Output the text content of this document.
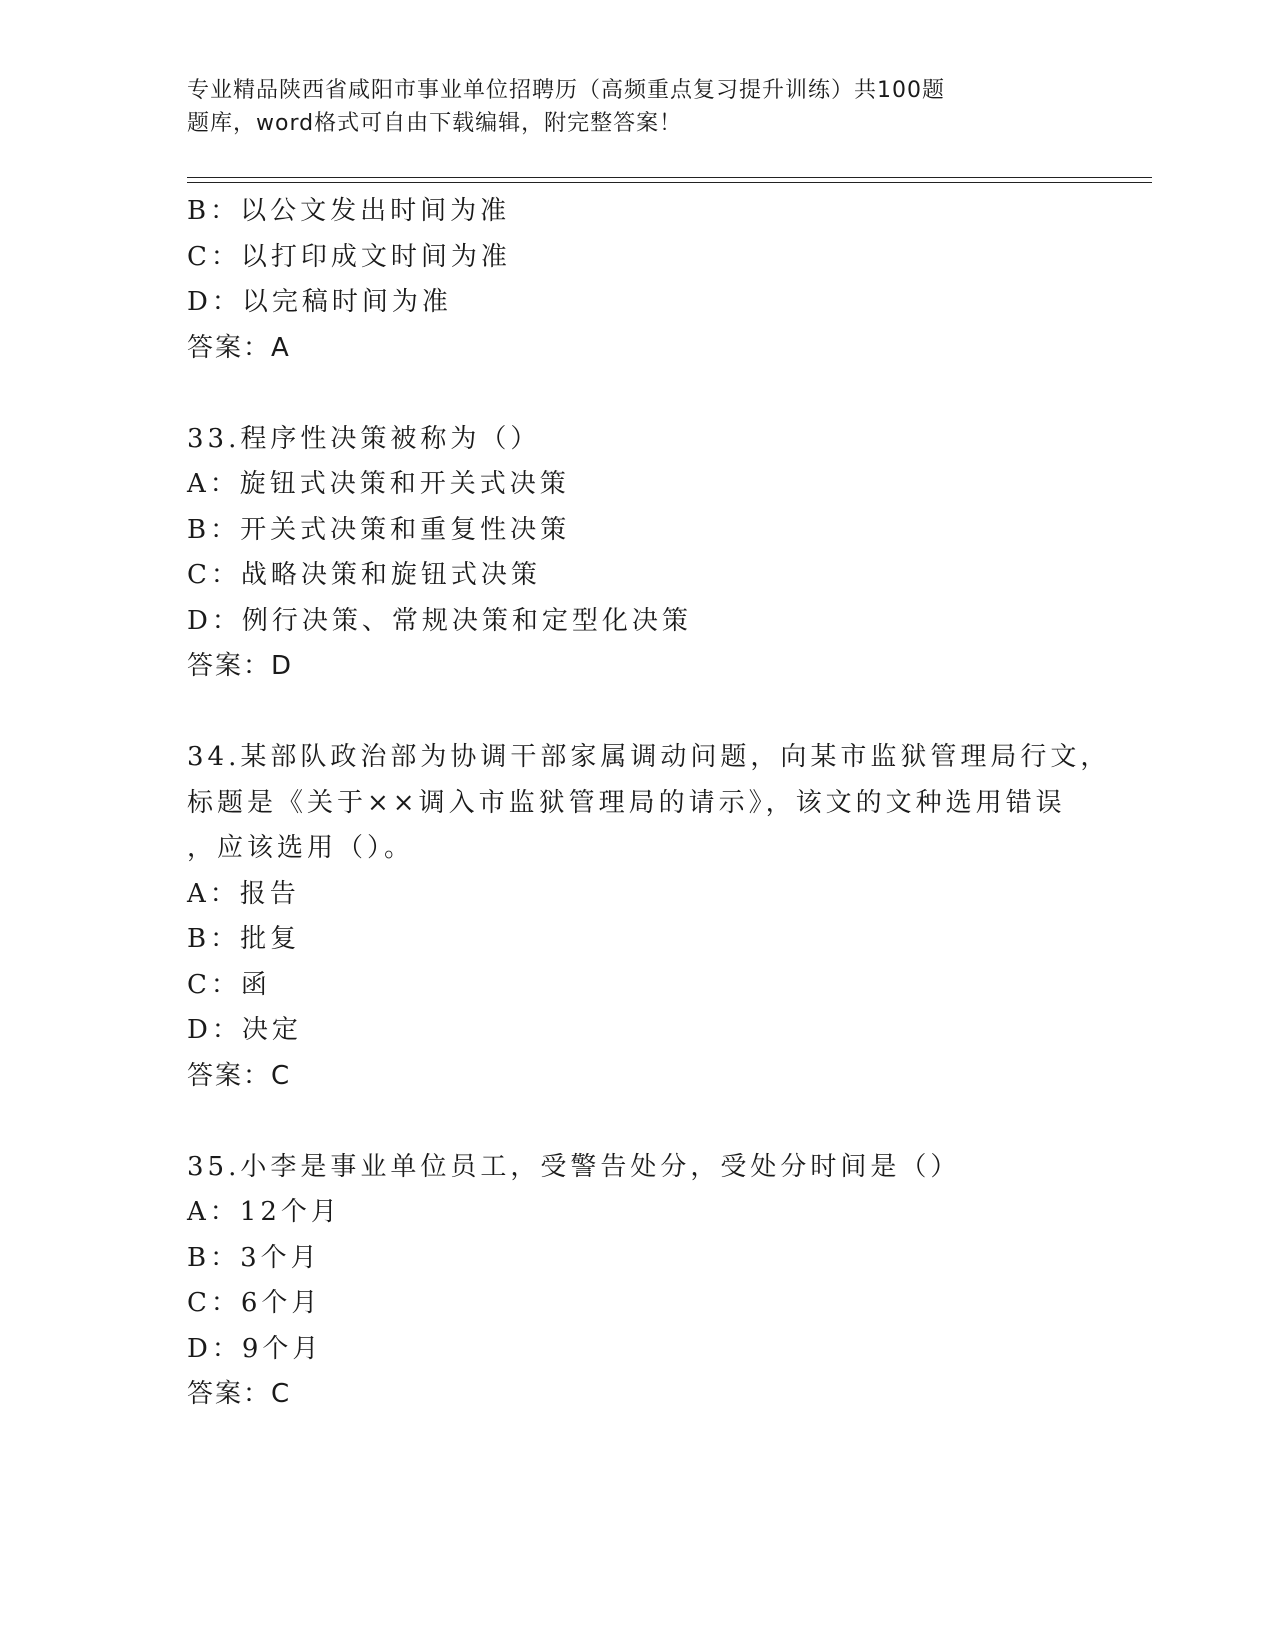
专业精品陕西省咸阳市事业单位招聘历（高频重点复习提升训练）共100题
题库，word格式可自由下载编辑，附完整答案！
B：以公文发出时间为准
C：以打印成文时间为准
D：以完稿时间为准
答案：A
33.程序性决策被称为（）
A：旋钮式决策和开关式决策
B：开关式决策和重复性决策
C：战略决策和旋钮式决策
D：例行决策、常规决策和定型化决策
答案：D
34.某部队政治部为协调干部家属调动问题，向某市监狱管理局行文，
标题是《关于××调入市监狱管理局的请示》，该文的文种选用错误
，应该选用（）。
A：报告
B：批复
C：函
D：决定
答案：C
35.小李是事业单位员工，受警告处分，受处分时间是（）
A：12个月
B：3个月
C：6个月
D：9个月
答案：C
